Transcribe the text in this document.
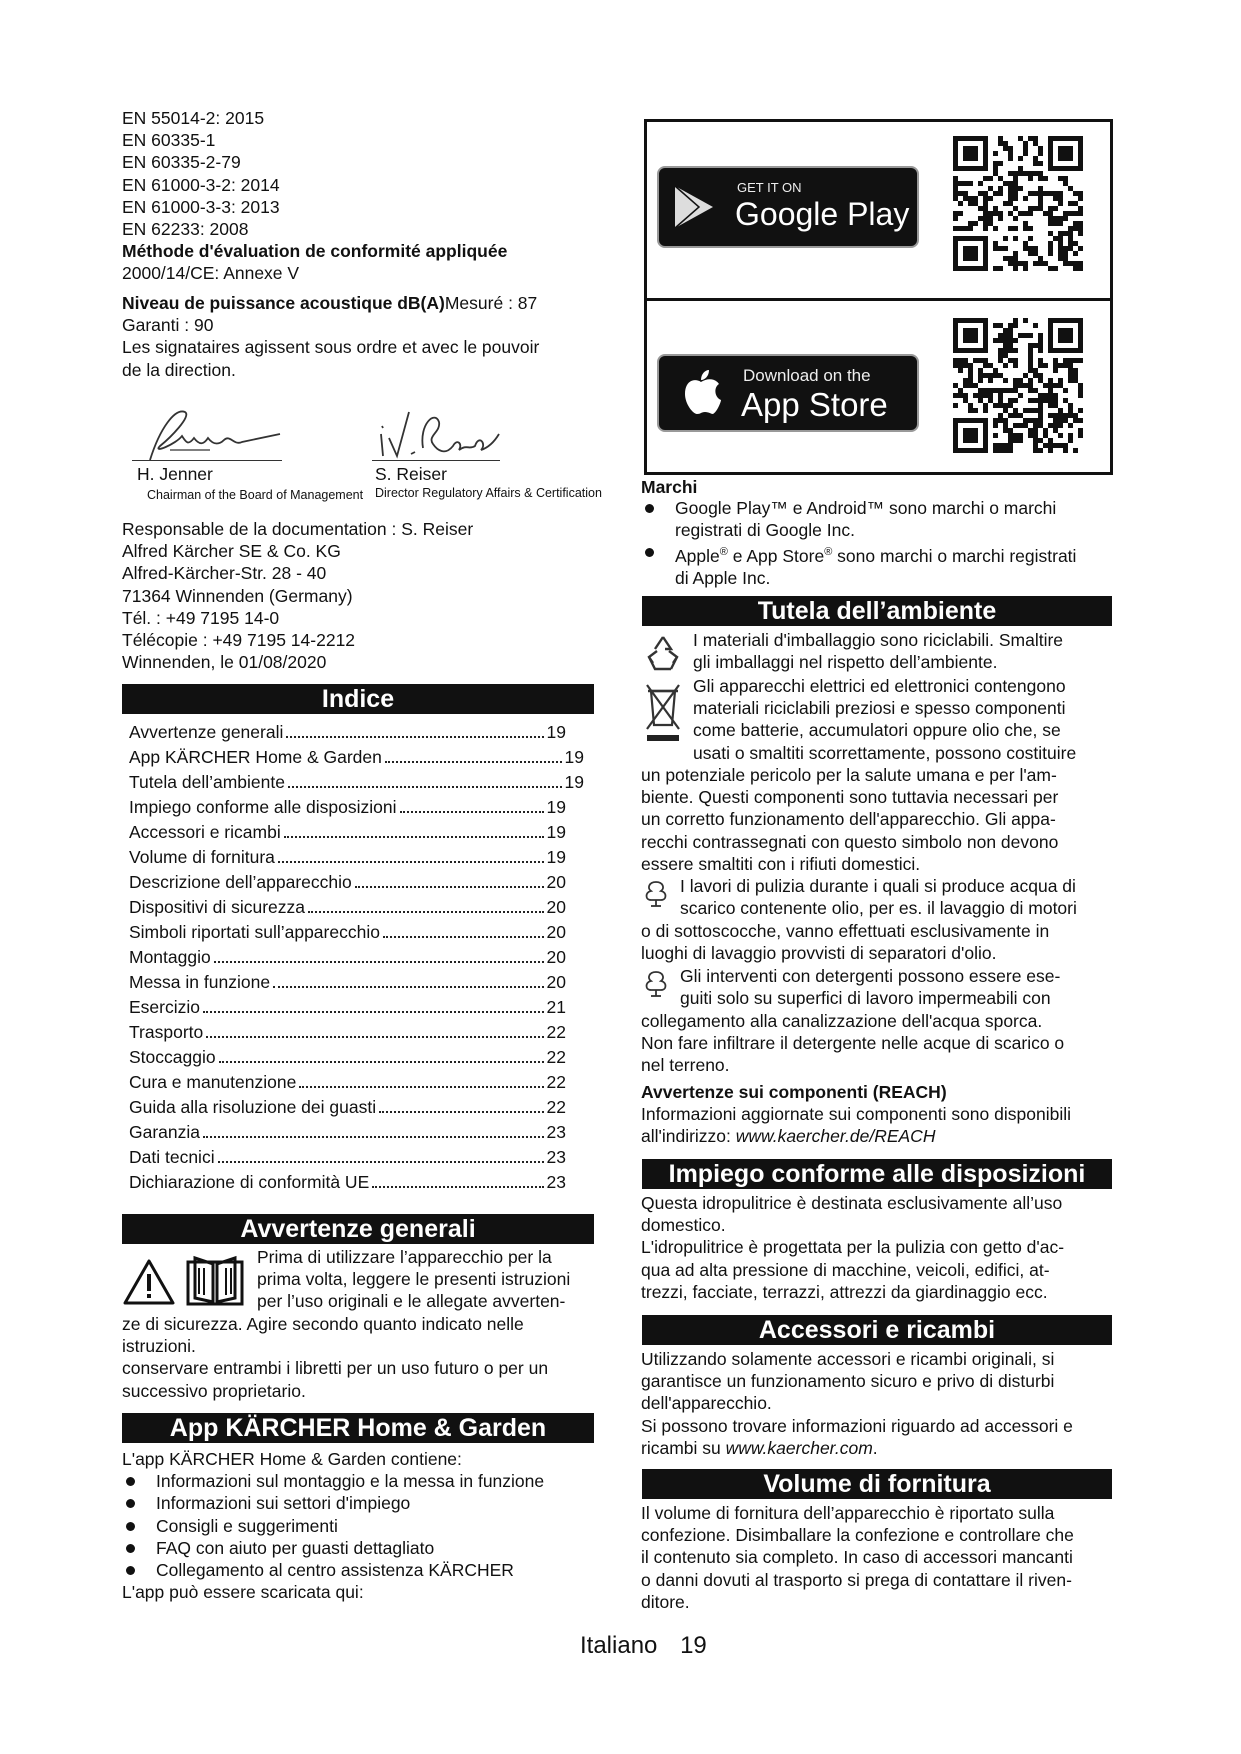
EN 55014-2: 2015
EN 60335-1
EN 60335-2-79
EN 61000-3-2: 2014
EN 61000-3-3: 2013
EN 62233: 2008
Méthode d'évaluation de conformité appliquée
2000/14/CE: Annexe V
Niveau de puissance acoustique dB(A)Mesuré : 87
Garanti : 90
Les signataires agissent sous ordre et avec le pouvoir
de la direction.
H. Jenner
Chairman of the Board of Management
S. Reiser
Director Regulatory Affairs & Certification
Responsable de la documentation : S. Reiser
Alfred Kärcher SE & Co. KG
Alfred-Kärcher-Str. 28 - 40
71364 Winnenden (Germany)
Tél. : +49 7195 14-0
Télécopie : +49 7195 14-2212
Winnenden, le 01/08/2020
Indice
Avvertenze generali	19
App KÄRCHER Home & Garden	19
Tutela dell’ambiente	19
Impiego conforme alle disposizioni	19
Accessori e ricambi	19
Volume di fornitura	19
Descrizione dell’apparecchio	20
Dispositivi di sicurezza	20
Simboli riportati sull’apparecchio	20
Montaggio	20
Messa in funzione	20
Esercizio	21
Trasporto	22
Stoccaggio	22
Cura e manutenzione	22
Guida alla risoluzione dei guasti	22
Garanzia	23
Dati tecnici	23
Dichiarazione di conformità UE	23
Avvertenze generali
Prima di utilizzare l’apparecchio per la
prima volta, leggere le presenti istruzioni
per l’uso originali e le allegate avverten-
ze di sicurezza. Agire secondo quanto indicato nelle
istruzioni.
conservare entrambi i libretti per un uso futuro o per un
successivo proprietario.
App KÄRCHER Home & Garden
L'app KÄRCHER Home & Garden contiene:
Informazioni sul montaggio e la messa in funzione
Informazioni sui settori d'impiego
Consigli e suggerimenti
FAQ con aiuto per guasti dettagliato
Collegamento al centro assistenza KÄRCHER
L'app può essere scaricata qui:
GET IT ON
Google Play
Download on the
App Store
Marchi
Google Play™ e Android™ sono marchi o marchi
registrati di Google Inc.
Apple® e App Store® sono marchi o marchi registrati
di Apple Inc.
Tutela dell’ambiente
I materiali d'imballaggio sono riciclabili. Smaltire
gli imballaggi nel rispetto dell’ambiente.
Gli apparecchi elettrici ed elettronici contengono
materiali riciclabili preziosi e spesso componenti
come batterie, accumulatori oppure olio che, se
usati o smaltiti scorrettamente, possono costituire
un potenziale pericolo per la salute umana e per l'am-
biente. Questi componenti sono tuttavia necessari per
un corretto funzionamento dell'apparecchio. Gli appa-
recchi contrassegnati con questo simbolo non devono
essere smaltiti con i rifiuti domestici.
I lavori di pulizia durante i quali si produce acqua di
scarico contenente olio, per es. il lavaggio di motori
o di sottoscocche, vanno effettuati esclusivamente in
luoghi di lavaggio provvisti di separatori d'olio.
Gli interventi con detergenti possono essere ese-
guiti solo su superfici di lavoro impermeabili con
collegamento alla canalizzazione dell'acqua sporca.
Non fare infiltrare il detergente nelle acque di scarico o
nel terreno.
Avvertenze sui componenti (REACH)
Informazioni aggiornate sui componenti sono disponibili
all'indirizzo: www.kaercher.de/REACH
Impiego conforme alle disposizioni
Questa idropulitrice è destinata esclusivamente all’uso
domestico.
L'idropulitrice è progettata per la pulizia con getto d'ac-
qua ad alta pressione di macchine, veicoli, edifici, at-
trezzi, facciate, terrazzi, attrezzi da giardinaggio ecc.
Accessori e ricambi
Utilizzando solamente accessori e ricambi originali, si
garantisce un funzionamento sicuro e privo di disturbi
dell'apparecchio.
Si possono trovare informazioni riguardo ad accessori e
ricambi su www.kaercher.com.
Volume di fornitura
Il volume di fornitura dell’apparecchio è riportato sulla
confezione. Disimballare la confezione e controllare che
il contenuto sia completo. In caso di accessori mancanti
o danni dovuti al trasporto si prega di contattare il riven-
ditore.
Italiano 19
